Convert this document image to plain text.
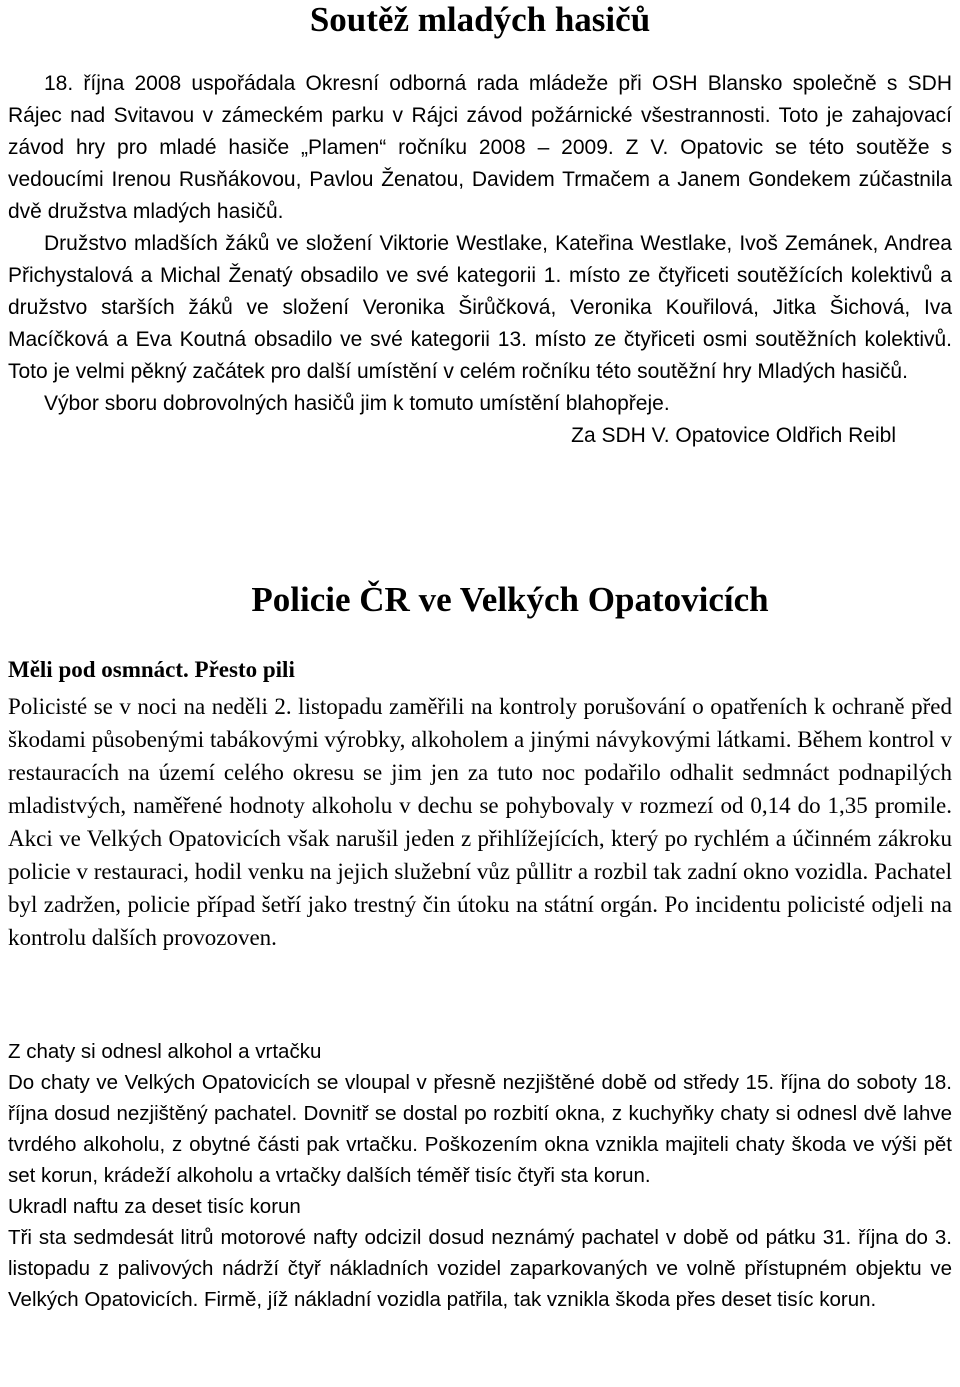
Soutěž mladých hasičů

18. října 2008 uspořádala Okresní odborná rada mládeže při OSH Blansko společně s SDH Rájec nad Svitavou v zámeckém parku v Rájci závod požárnické všestrannosti. Toto je zahajovací závod hry pro mladé hasiče „Plamen“ ročníku 2008 – 2009. Z V. Opatovic se této soutěže s vedoucími Irenou Rusňákovou, Pavlou Ženatou, Davidem Trmačem a Janem Gondekem zúčastnila dvě družstva mladých hasičů.

Družstvo mladších žáků ve složení Viktorie Westlake, Kateřina Westlake, Ivoš Zemánek, Andrea Přichystalová a Michal Ženatý obsadilo ve své kategorii 1. místo ze čtyřiceti soutěžících kolektivů a družstvo starších žáků ve složení Veronika Širůčková, Veronika Kouřilová, Jitka Šichová, Iva Macíčková a Eva Koutná obsadilo ve své kategorii 13. místo ze čtyřiceti osmi soutěžních kolektivů. Toto je velmi pěkný začátek pro další umístění v celém ročníku této soutěžní hry Mladých hasičů.

Výbor sboru dobrovolných hasičů jim k tomuto umístění blahopřeje.

Za SDH V. Opatovice Oldřich Reibl

Policie ČR ve Velkých Opatovicích

Měli pod osmnáct. Přesto pili

Policisté se v noci na neděli 2. listopadu zaměřili na kontroly porušování o opatřeních k ochraně před škodami působenými tabákovými výrobky, alkoholem a jinými návykovými látkami. Během kontrol v restauracích na území celého okresu se jim jen za tuto noc podařilo odhalit sedmnáct podnapilých mladistvých, naměřené hodnoty alkoholu v dechu se pohybovaly v rozmezí od 0,14 do 1,35 promile. Akci ve Velkých Opatovicích však narušil jeden z přihlížejících, který po rychlém a účinném zákroku policie v restauraci, hodil venku na jejich služební vůz půllitr a rozbil tak zadní okno vozidla. Pachatel byl zadržen, policie případ šetří jako trestný čin útoku na státní orgán. Po incidentu policisté odjeli na kontrolu dalších provozoven.

Z chaty si odnesl alkohol a vrtačku

Do chaty ve Velkých Opatovicích se vloupal v přesně nezjištěné době od středy 15. října do soboty 18. října dosud nezjištěný pachatel. Dovnitř se dostal po rozbití okna, z kuchyňky chaty si odnesl dvě lahve tvrdého alkoholu, z obytné části pak vrtačku. Poškozením okna vznikla majiteli chaty škoda ve výši pět set korun, krádeží alkoholu a vrtačky dalších téměř tisíc čtyři sta korun.

Ukradl naftu za deset tisíc korun

Tři sta sedmdesát litrů motorové nafty odcizil dosud neznámý pachatel v době od pátku 31. října do 3. listopadu z palivových nádrží čtyř nákladních vozidel zaparkovaných ve volně přístupném objektu ve Velkých Opatovicích. Firmě, jíž nákladní vozidla patřila, tak vznikla škoda přes deset tisíc korun.
